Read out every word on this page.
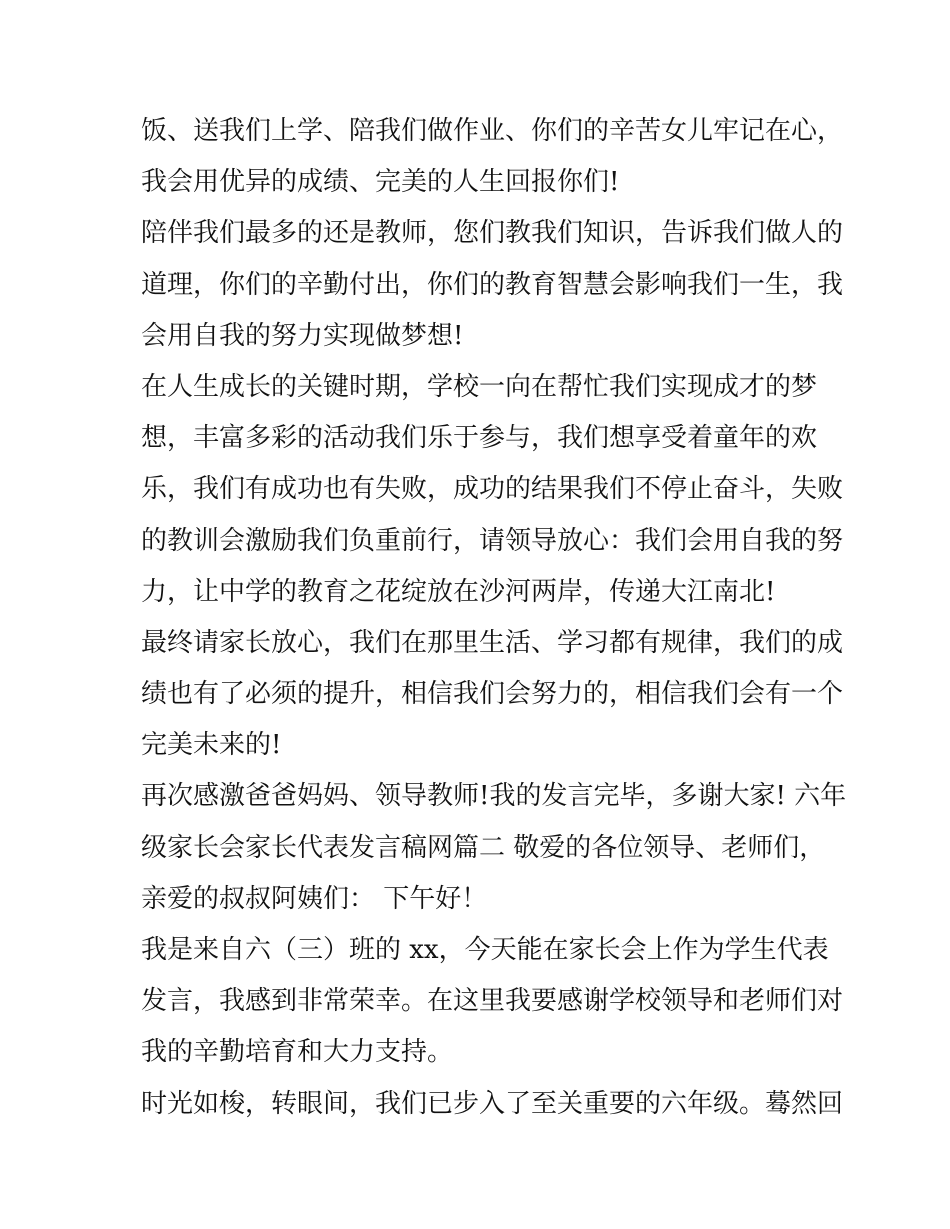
饭、送我们上学、陪我们做作业、你们的辛苦女儿牢记在心，
我会用优异的成绩、完美的人生回报你们!
陪伴我们最多的还是教师，您们教我们知识，告诉我们做人的
道理，你们的辛勤付出，你们的教育智慧会影响我们一生，我
会用自我的努力实现做梦想!
在人生成长的关键时期，学校一向在帮忙我们实现成才的梦
想，丰富多彩的活动我们乐于参与，我们想享受着童年的欢
乐，我们有成功也有失败，成功的结果我们不停止奋斗，失败
的教训会激励我们负重前行，请领导放心：我们会用自我的努
力，让中学的教育之花绽放在沙河两岸，传递大江南北!
最终请家长放心，我们在那里生活、学习都有规律，我们的成
绩也有了必须的提升，相信我们会努力的，相信我们会有一个
完美未来的!
再次感激爸爸妈妈、领导教师!我的发言完毕，多谢大家! 六年
级家长会家长代表发言稿网篇二 敬爱的各位领导、老师们，
亲爱的叔叔阿姨们： 下午好！
我是来自六（三）班的 xx，今天能在家长会上作为学生代表
发言，我感到非常荣幸。在这里我要感谢学校领导和老师们对
我的辛勤培育和大力支持。
时光如梭，转眼间，我们已步入了至关重要的六年级。蓦然回
